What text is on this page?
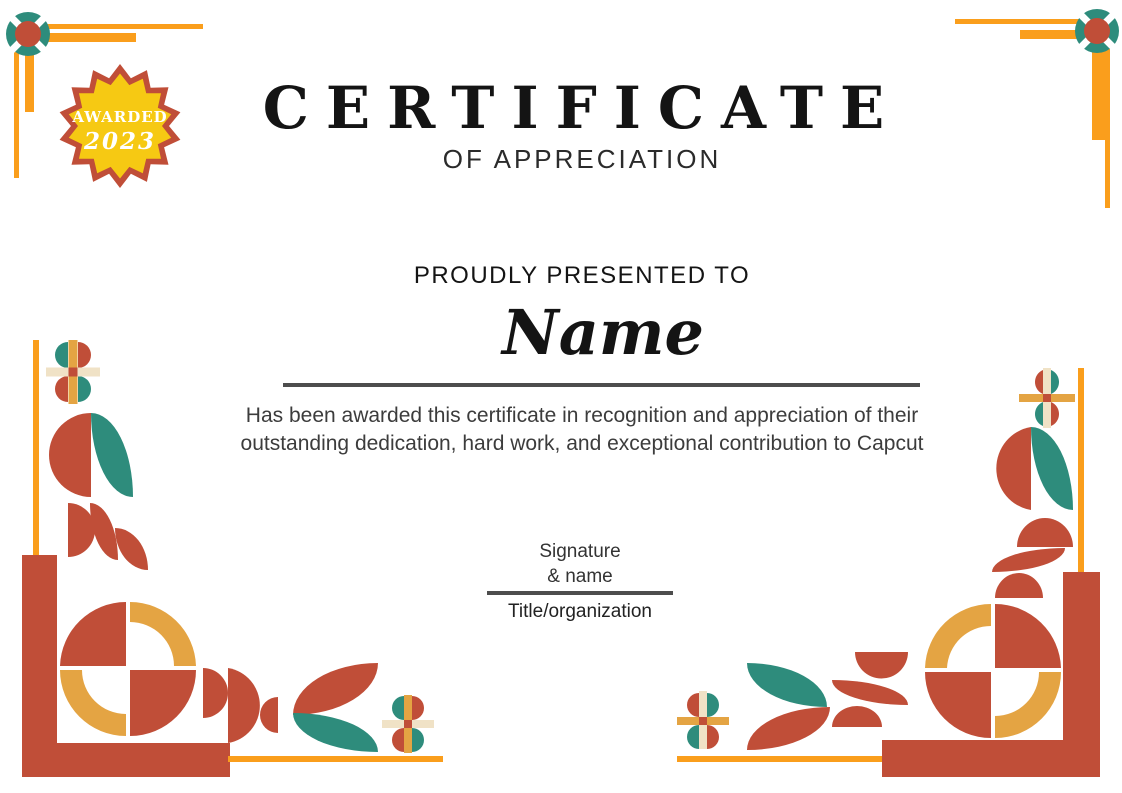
AWARDED
2023	CERTIFICATE
OF APPRECIATION
PROUDLY PRESENTED TO
Name
Has been awarded this certificate in recognition and appreciation of their
outstanding dedication, hard work, and exceptional contribution to Capcut
Signature
& name
Title/organization
